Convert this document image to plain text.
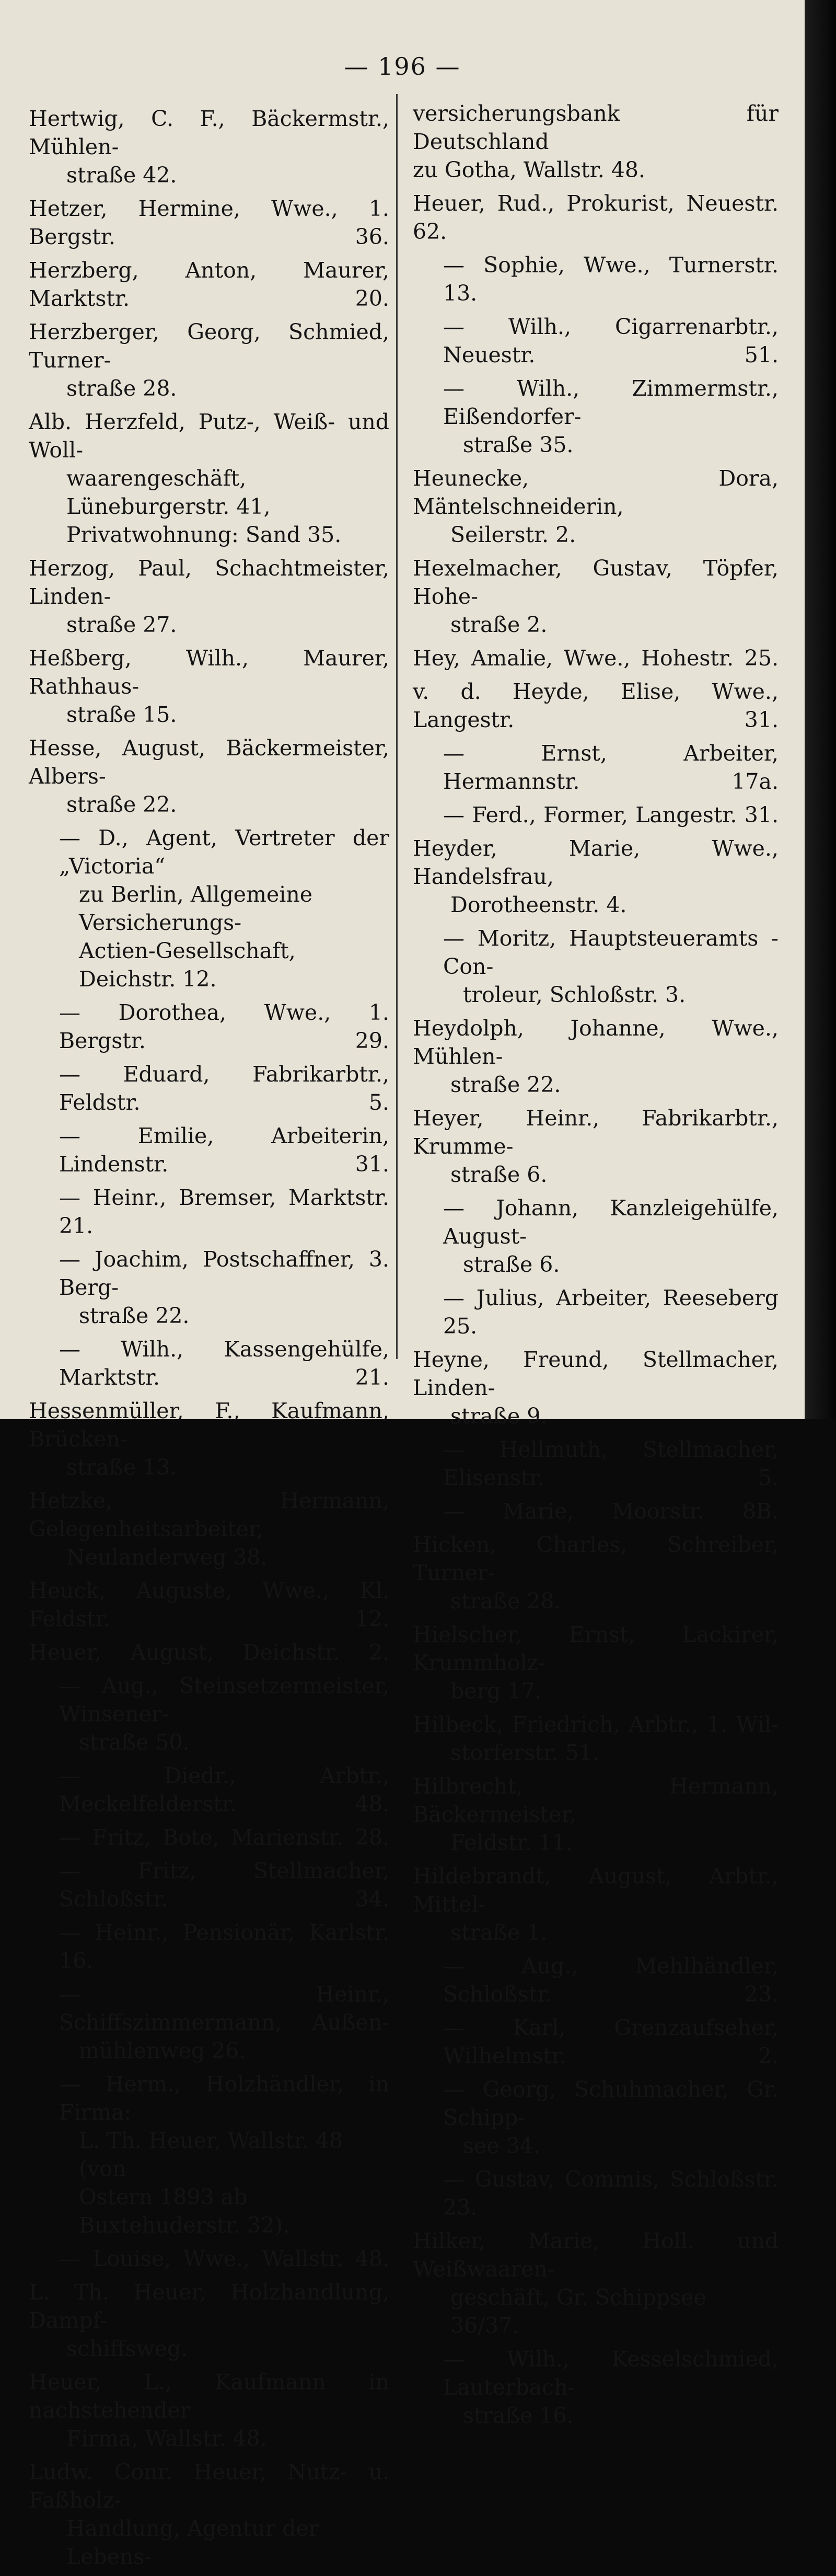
— 196 —
Hertwig, C. F., Bäckermstr., Mühlen-
straße 42.
Hetzer, Hermine, Wwe., 1. Bergstr. 36.
Herzberg, Anton, Maurer, Marktstr. 20.
Herzberger, Georg, Schmied, Turner-
straße 28.
Alb. Herzfeld, Putz-, Weiß- und Woll-
waarengeschäft, Lüneburgerstr. 41,
Privatwohnung: Sand 35.
Herzog, Paul, Schachtmeister, Linden-
straße 27.
Heßberg, Wilh., Maurer, Rathhaus-
straße 15.
Hesse, August, Bäckermeister, Albers-
straße 22.
— D., Agent, Vertreter der „Victoria“
zu Berlin, Allgemeine Versicherungs-
Actien-Gesellschaft, Deichstr. 12.
— Dorothea, Wwe., 1. Bergstr. 29.
— Eduard, Fabrikarbtr., Feldstr. 5.
— Emilie, Arbeiterin, Lindenstr. 31.
— Heinr., Bremser, Marktstr. 21.
— Joachim, Postschaffner, 3. Berg-
straße 22.
— Wilh., Kassengehülfe, Marktstr. 21.
Hessenmüller, F., Kaufmann, Brücken-
straße 13.
Hetzke, Hermann, Gelegenheitsarbeiter,
Neulanderweg 38.
Heuck, Auguste, Wwe., Kl. Feldstr. 12.
Heuer, August, Deichstr. 2.
— Aug., Steinsetzermeister, Winsener-
straße 50.
— Diedr., Arbtr., Meckelfelderstr. 48.
— Fritz, Bote, Marienstr. 28.
— Fritz, Stellmacher, Schloßstr. 34.
— Heinr., Pensionär, Karlstr. 16.
— Heinr., Schiffszimmermann, Außen-
mühlenweg 26.
— Herm., Holzhändler, in Firma:
L. Th. Heuer, Wallstr. 48 (von
Ostern 1893 ab Buxtehuderstr. 32).
— Louise, Wwe., Wallstr. 48.
L. Th. Heuer, Holzhandlung, Dampf-
schiffsweg.
Heuer, L., Kaufmann in nachstehender
Firma, Wallstr. 48.
Ludw. Conr. Heuer, Nutz- u. Faßholz-
Handlung, Agentur der Lebens-
versicherungsbank für Deutschland
zu Gotha, Wallstr. 48.
Heuer, Rud., Prokurist, Neuestr. 62.
— Sophie, Wwe., Turnerstr. 13.
— Wilh., Cigarrenarbtr., Neuestr. 51.
— Wilh., Zimmermstr., Eißendorfer-
straße 35.
Heunecke, Dora, Mäntelschneiderin,
Seilerstr. 2.
Hexelmacher, Gustav, Töpfer, Hohe-
straße 2.
Hey, Amalie, Wwe., Hohestr. 25.
v. d. Heyde, Elise, Wwe., Langestr. 31.
— Ernst, Arbeiter, Hermannstr. 17a.
— Ferd., Former, Langestr. 31.
Heyder, Marie, Wwe., Handelsfrau,
Dorotheenstr. 4.
— Moritz, Hauptsteueramts - Con-
troleur, Schloßstr. 3.
Heydolph, Johanne, Wwe., Mühlen-
straße 22.
Heyer, Heinr., Fabrikarbtr., Krumme-
straße 6.
— Johann, Kanzleigehülfe, August-
straße 6.
— Julius, Arbeiter, Reeseberg 25.
Heyne, Freund, Stellmacher, Linden-
straße 9.
— Hellmuth, Stellmacher, Elisenstr. 5.
— Marie, Moorstr. 8B.
Hicken, Charles, Schreiber, Turner-
straße 28.
Hielscher, Ernst, Lackirer, Krummholz-
berg 17.
Hilbeck, Friedrich, Arbtr., 1. Wil-
storferstr. 51.
Hilbrecht, Hermann, Bäckermeister,
Feldstr. 11.
Hildebrandt, August, Arbtr., Mittel-
straße 1.
— Aug., Mehlhändler, Schloßstr. 23.
— Karl, Grenzaufseher, Wilhelmstr. 2.
— Georg, Schuhmacher, Gr. Schipp-
see 34.
— Gustav, Commis, Schloßstr. 23.
Hilker, Marie, Holl. und Weißwaaren-
geschäft, Gr. Schippsee 36/37.
— Wilh., Kesselschmied, Lauterbach-
straße 16.
